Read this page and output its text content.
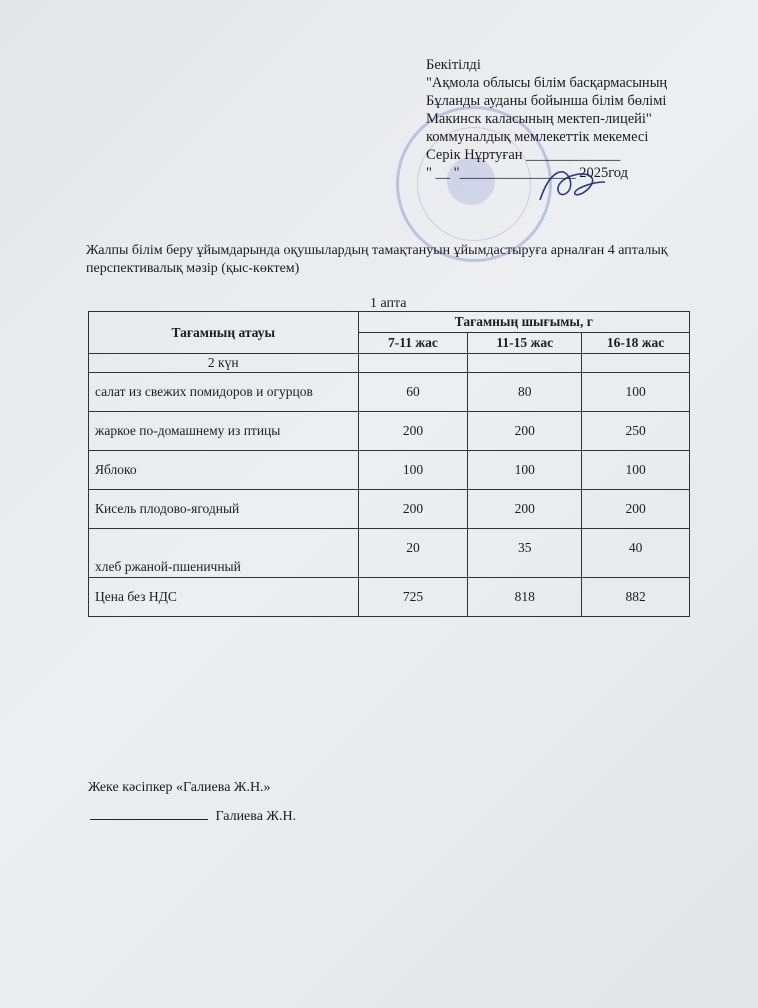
Бекітілді
"Ақмола облысы білім басқармасының
Бұланды ауданы бойынша білім бөлімі
Макинск каласының мектеп-лицейі"
коммуналдық мемлекеттік мекемесі
Серік Нұртуған _____________
" __ "________________ 2025год
Жалпы білім беру ұйымдарында оқушылардың тамақтануын ұйымдастыруға арналған 4 апталық перспективалық мәзір (қыс-көктем)
1 апта
Тағамның атауы	Тағамның шығымы, г		
	7-11 жас	11-15 жас	16-18 жас
2 күн			
салат из свежих помидоров и огурцов	60	80	100
жаркое по-домашнему из птицы	200	200	250
Яблоко	100	100	100
Кисель плодово-ягодный	200	200	200
хлеб ржаной-пшеничный	20	35	40
Цена без НДС	725	818	882
Жеке кәсіпкер «Галиева Ж.Н.»
Галиева Ж.Н.
